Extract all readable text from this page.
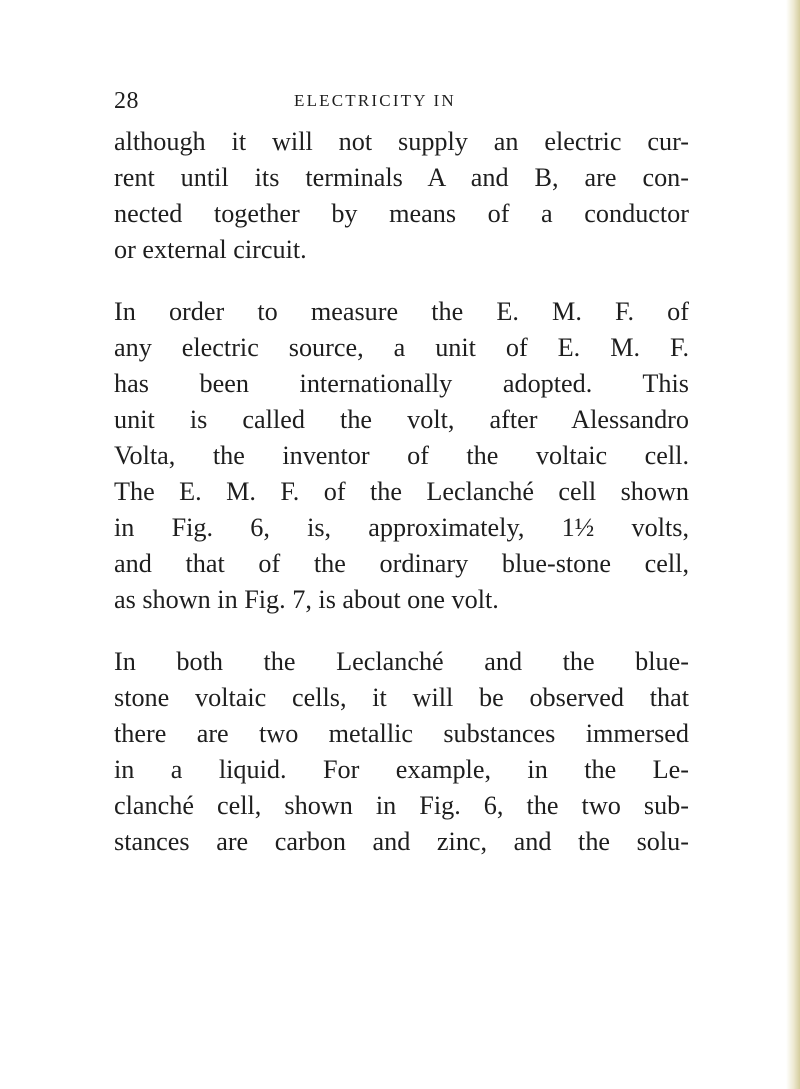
28	ELECTRICITY IN
although it will not supply an electric cur-
rent until its terminals A and B, are con-
nected together by means of a conductor
or external circuit.
In order to measure the E. M. F. of
any electric source, a unit of E. M. F.
has been internationally adopted. This
unit is called the volt, after Alessandro
Volta, the inventor of the voltaic cell.
The E. M. F. of the Leclanché cell shown
in Fig. 6, is, approximately, 1½ volts,
and that of the ordinary blue-stone cell,
as shown in Fig. 7, is about one volt.
In both the Leclanché and the blue-
stone voltaic cells, it will be observed that
there are two metallic substances immersed
in a liquid. For example, in the Le-
clanché cell, shown in Fig. 6, the two sub-
stances are carbon and zinc, and the solu-
